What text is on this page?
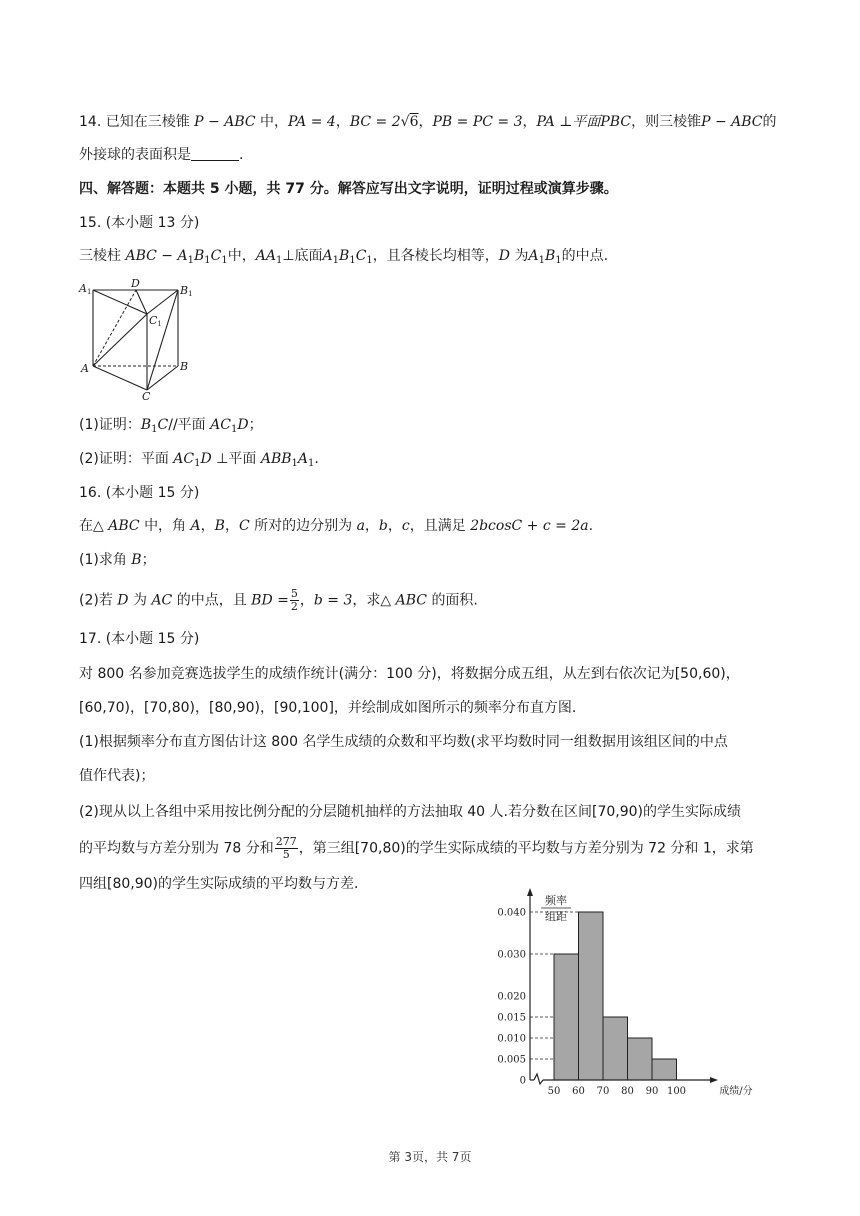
14. 已知在三棱锥 P − ABC 中，PA = 4，BC = 2√6，PB = PC = 3，PA ⊥平面PBC，则三棱锥P − ABC的
外接球的表面积是	.
四、解答题：本题共 5 小题，共 77 分。解答应写出文字说明，证明过程或演算步骤。
15. (本小题 13 分)
三棱柱 ABC − $A_1B_1C_1$中，$AA_1\perp$底面$A_1B_1C_1$，且各棱长均相等，D 为$A_1B_1$的中点.
A1
D
B1
C1
A	B
C
(1)证明：$B_1C//$平面 $AC_1D$；
(2)证明：平面 $AC_1D$ ⊥平面 $ABB_1A_1$.
16. (本小题 15 分)
在△ ABC 中，角 A，B，C 所对的边分别为 a，b，c，且满足 2bcosC + c = 2a.
(1)求角 B；
(2)若 D 为 AC 的中点，且 BD = $\frac{5}{2}$ ，b = 3，求△ ABC 的面积.
17. (本小题 15 分)
对 800 名参加竞赛选拔学生的成绩作统计(满分：100 分)，将数据分成五组，从左到右依次记为[50,60)，
[60,70)，[70,80)，[80,90)，[90,100]，并绘制成如图所示的频率分布直方图.
(1)根据频率分布直方图估计这 800 名学生成绩的众数和平均数(求平均数时同一组数据用该组区间的中点
值作代表)；
(2)现从以上各组中采用按比例分配的分层随机抽样的方法抽取 40 人.若分数在区间[70,90)的学生实际成绩
的平均数与方差分别为 78 分和 $\frac{277}{5}$ ，第三组[70,80)的学生实际成绩的平均数与方差分别为 72 分和 1，求第
四组[80,90)的学生实际成绩的平均数与方差.
0
0.005
0.010
0.015
0.020
0.030
0.040
50 60 70 80 90 100
频率
组距
成绩/分
第 3页，共 7页
